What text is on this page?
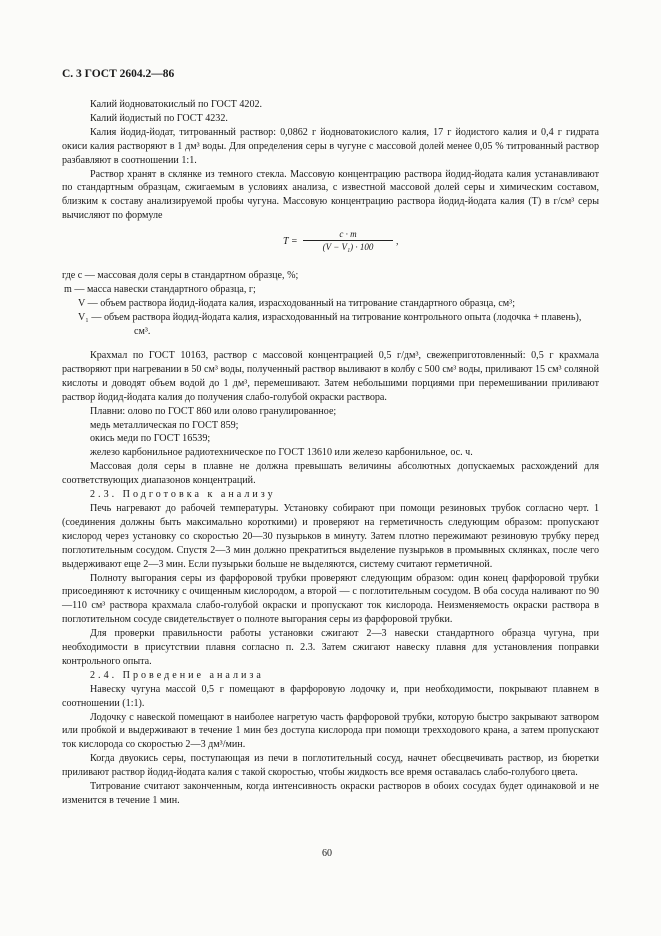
С. 3 ГОСТ 2604.2—86

Калий йодноватокислый по ГОСТ 4202.

Калий йодистый по ГОСТ 4232.

Калия йодид-йодат, титрованный раствор: 0,0862 г йодноватокислого калия, 17 г йодистого калия и 0,4 г гидрата окиси калия растворяют в 1 дм³ воды. Для определения серы в чугуне с массовой долей менее 0,05 % титрованный раствор разбавляют в соотношении 1:1.

Раствор хранят в склянке из темного стекла. Массовую концентрацию раствора йодид-йодата калия устанавливают по стандартным образцам, сжигаемым в условиях анализа, с известной массовой долей серы и химическим составом, близким к составу анализируемой пробы чугуна. Массовую концентрацию раствора йодид-йодата калия (T) в г/см³ серы вычисляют по формуле

T =
c · m
(V − V₁) · 100	,
где c — массовая доля серы в стандартном образце, %;
m — масса навески стандартного образца, г;
V — объем раствора йодид-йодата калия, израсходованный на титрование стандартного образца, см³;
V₁ — объем раствора йодид-йодата калия, израсходованный на титрование контрольного опыта (лодочка + плавень), см³.

Крахмал по ГОСТ 10163, раствор с массовой концентрацией 0,5 г/дм³, свежеприготовленный: 0,5 г крахмала растворяют при нагревании в 50 см³ воды, полученный раствор выливают в колбу с 500 см³ воды, приливают 15 см³ соляной кислоты и доводят объем водой до 1 дм³, перемешивают. Затем небольшими порциями при перемешивании приливают раствор йодид-йодата калия до получения слабо-голубой окраски раствора.

Плавни: олово по ГОСТ 860 или олово гранулированное;

медь металлическая по ГОСТ 859;

окись меди по ГОСТ 16539;

железо карбонильное радиотехническое по ГОСТ 13610 или железо карбонильное, ос. ч.

Массовая доля серы в плавне не должна превышать величины абсолютных допускаемых расхождений для соответствующих диапазонов концентраций.

2.3. Подготовка к анализу

Печь нагревают до рабочей температуры. Установку собирают при помощи резиновых трубок согласно черт. 1 (соединения должны быть максимально короткими) и проверяют на герметичность следующим образом: пропускают кислород через установку со скоростью 20—30 пузырьков в минуту. Затем плотно пережимают резиновую трубку перед поглотительным сосудом. Спустя 2—3 мин должно прекратиться выделение пузырьков в промывных склянках, после чего выдерживают еще 2—3 мин. Если пузырьки больше не выделяются, систему считают герметичной.

Полноту выгорания серы из фарфоровой трубки проверяют следующим образом: один конец фарфоровой трубки присоединяют к источнику с очищенным кислородом, а второй — с поглотительным сосудом. В оба сосуда наливают по 90—110 см³ раствора крахмала слабо-голубой окраски и пропускают ток кислорода. Неизменяемость окраски раствора в поглотительном сосуде свидетельствует о полноте выгорания серы из фарфоровой трубки.

Для проверки правильности работы установки сжигают 2—3 навески стандартного образца чугуна, при необходимости в присутствии плавня согласно п. 2.3. Затем сжигают навеску плавня для установления поправки контрольного опыта.

2.4. Проведение анализа

Навеску чугуна массой 0,5 г помещают в фарфоровую лодочку и, при необходимости, покрывают плавнем в соотношении (1:1).

Лодочку с навеской помещают в наиболее нагретую часть фарфоровой трубки, которую быстро закрывают затвором или пробкой и выдерживают в течение 1 мин без доступа кислорода при помощи трехходового крана, а затем пропускают ток кислорода со скоростью 2—3 дм³/мин.

Когда двуокись серы, поступающая из печи в поглотительный сосуд, начнет обесцвечивать раствор, из бюретки приливают раствор йодид-йодата калия с такой скоростью, чтобы жидкость все время оставалась слабо-голубого цвета.

Титрование считают законченным, когда интенсивность окраски растворов в обоих сосудах будет одинаковой и не изменится в течение 1 мин.

60
